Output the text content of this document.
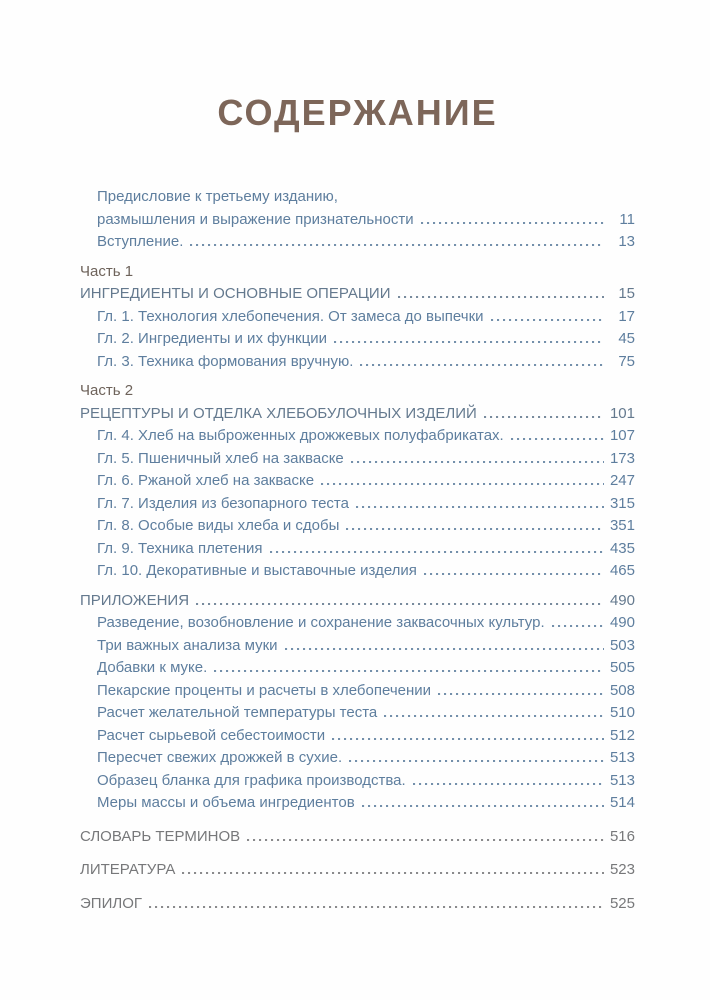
СОДЕРЖАНИЕ
Предисловие к третьему изданию,
размышления и выражение признательности	11
Вступление.	13
Часть 1
ИНГРЕДИЕНТЫ И ОСНОВНЫЕ ОПЕРАЦИИ	15
Гл. 1. Технология хлебопечения. От замеса до выпечки	17
Гл. 2. Ингредиенты и их функции	45
Гл. 3. Техника формования вручную.	75
Часть 2
РЕЦЕПТУРЫ И ОТДЕЛКА ХЛЕБОБУЛОЧНЫХ ИЗДЕЛИЙ	101
Гл. 4. Хлеб на выброженных дрожжевых полуфабрикатах.	107
Гл. 5. Пшеничный хлеб на закваске	173
Гл. 6. Ржаной хлеб на закваске	247
Гл. 7. Изделия из безопарного теста	315
Гл. 8. Особые виды хлеба и сдобы	351
Гл. 9. Техника плетения	435
Гл. 10. Декоративные и выставочные изделия	465
ПРИЛОЖЕНИЯ	490
Разведение, возобновление и сохранение заквасочных культур.	490
Три важных анализа муки	503
Добавки к муке.	505
Пекарские проценты и расчеты в хлебопечении	508
Расчет желательной температуры теста	510
Расчет сырьевой себестоимости	512
Пересчет свежих дрожжей в сухие.	513
Образец бланка для графика производства.	513
Меры массы и объема ингредиентов	514
СЛОВАРЬ ТЕРМИНОВ	516
ЛИТЕРАТУРА	523
ЭПИЛОГ	525
